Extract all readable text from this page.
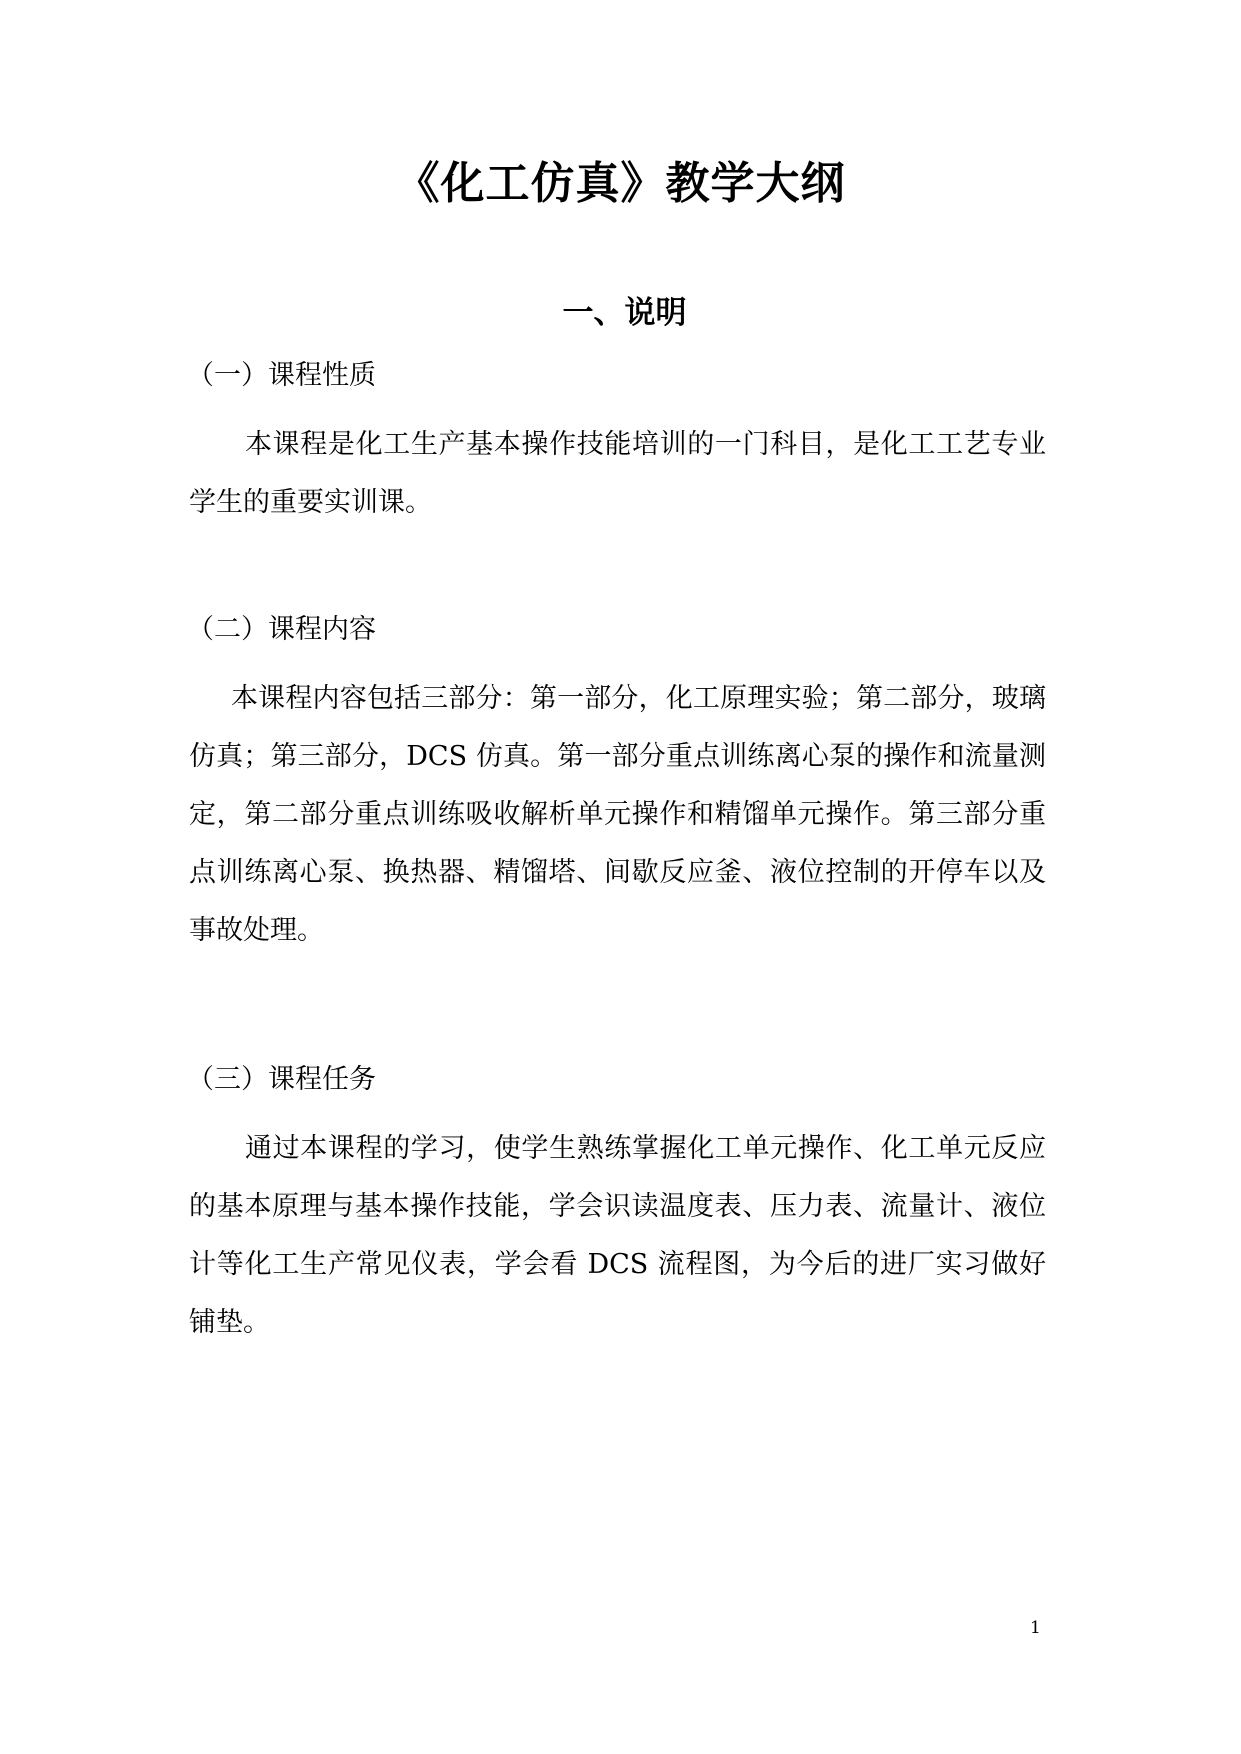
《化工仿真》教学大纲
一、说明
（一）课程性质
本课程是化工生产基本操作技能培训的一门科目，是化工工艺专业学生的重要实训课。
（二）课程内容
本课程内容包括三部分：第一部分，化工原理实验；第二部分，玻璃仿真；第三部分，DCS 仿真。第一部分重点训练离心泵的操作和流量测定，第二部分重点训练吸收解析单元操作和精馏单元操作。第三部分重点训练离心泵、换热器、精馏塔、间歇反应釜、液位控制的开停车以及事故处理。
（三）课程任务
通过本课程的学习，使学生熟练掌握化工单元操作、化工单元反应的基本原理与基本操作技能，学会识读温度表、压力表、流量计、液位计等化工生产常见仪表，学会看 DCS 流程图，为今后的进厂实习做好铺垫。
1
